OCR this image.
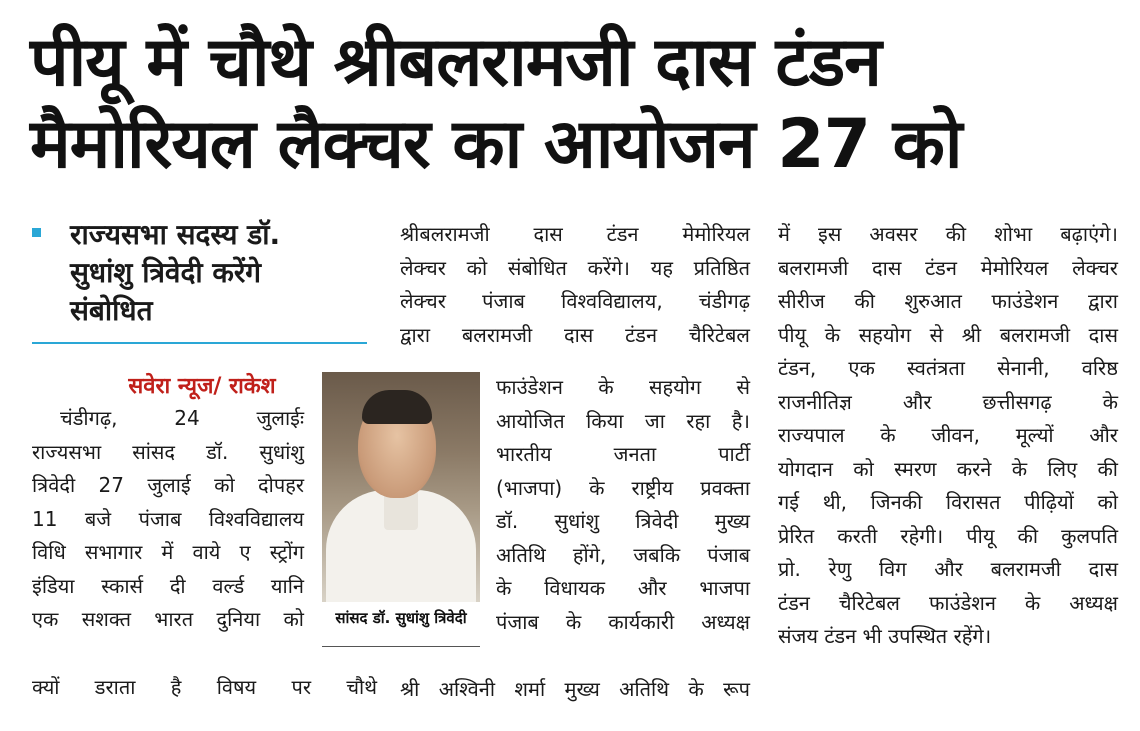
पीयू में चौथे श्रीबलरामजी दास टंडन
मैमोरियल लैक्चर का आयोजन 27 को
राज्यसभा सदस्य डॉ.
सुधांशु त्रिवेदी करेंगे
संबोधित
सवेरा न्यूज/ राकेश
चंडीगढ़, 24 जुलाईः
राज्यसभा सांसद डॉ. सुधांशु
त्रिवेदी 27 जुलाई को दोपहर
11 बजे पंजाब विश्वविद्यालय
विधि सभागार में वाये ए स्ट्रोंग
इंडिया स्कार्स दी वर्ल्ड यानि
एक सशक्त भारत दुनिया को
क्यों डराता है विषय पर चौथे
सांसद डॉ. सुधांशु त्रिवेदी
श्रीबलरामजी दास टंडन मेमोरियल
लेक्चर को संबोधित करेंगे। यह प्रतिष्ठित
लेक्चर पंजाब विश्वविद्यालय, चंडीगढ़
द्वारा बलरामजी दास टंडन चैरिटेबल
फाउंडेशन के सहयोग से
आयोजित किया जा रहा है।
भारतीय जनता पार्टी
(भाजपा) के राष्ट्रीय प्रवक्ता
डॉ. सुधांशु त्रिवेदी मुख्य
अतिथि होंगे, जबकि पंजाब
के विधायक और भाजपा
पंजाब के कार्यकारी अध्यक्ष
श्री अश्विनी शर्मा मुख्य अतिथि के रूप
में इस अवसर की शोभा बढ़ाएंगे।
बलरामजी दास टंडन मेमोरियल लेक्चर
सीरीज की शुरुआत फाउंडेशन द्वारा
पीयू के सहयोग से श्री बलरामजी दास
टंडन, एक स्वतंत्रता सेनानी, वरिष्ठ
राजनीतिज्ञ और छत्तीसगढ़ के
राज्यपाल के जीवन, मूल्यों और
योगदान को स्मरण करने के लिए की
गई थी, जिनकी विरासत पीढ़ियों को
प्रेरित करती रहेगी। पीयू की कुलपति
प्रो. रेणु विग और बलरामजी दास
टंडन चैरिटेबल फाउंडेशन के अध्यक्ष
संजय टंडन भी उपस्थित रहेंगे।
